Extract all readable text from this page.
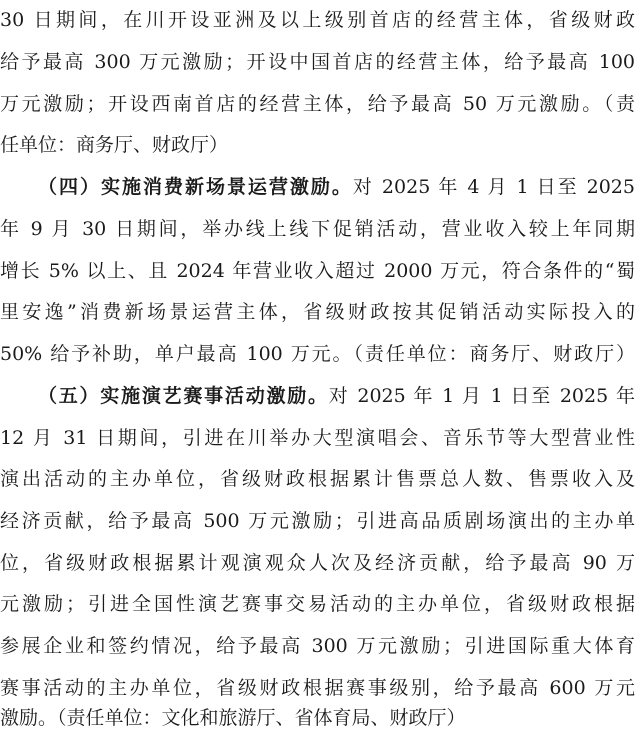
30 日期间，在川开设亚洲及以上级别首店的经营主体，省级财政
给予最高 300 万元激励；开设中国首店的经营主体，给予最高 100
万元激励；开设西南首店的经营主体，给予最高 50 万元激励。（责
任单位：商务厅、财政厅）
（四）实施消费新场景运营激励。对 2025 年 4 月 1 日至 2025
年 9 月 30 日期间，举办线上线下促销活动，营业收入较上年同期
增长 5% 以上、且 2024 年营业收入超过 2000 万元，符合条件的“蜀
里安逸”消费新场景运营主体，省级财政按其促销活动实际投入的
50% 给予补助，单户最高 100 万元。（责任单位：商务厅、财政厅）
（五）实施演艺赛事活动激励。对 2025 年 1 月 1 日至 2025 年
12 月 31 日期间，引进在川举办大型演唱会、音乐节等大型营业性
演出活动的主办单位，省级财政根据累计售票总人数、售票收入及
经济贡献，给予最高 500 万元激励；引进高品质剧场演出的主办单
位，省级财政根据累计观演观众人次及经济贡献，给予最高 90 万
元激励；引进全国性演艺赛事交易活动的主办单位，省级财政根据
参展企业和签约情况，给予最高 300 万元激励；引进国际重大体育
赛事活动的主办单位，省级财政根据赛事级别，给予最高 600 万元
激励。（责任单位：文化和旅游厅、省体育局、财政厅）
